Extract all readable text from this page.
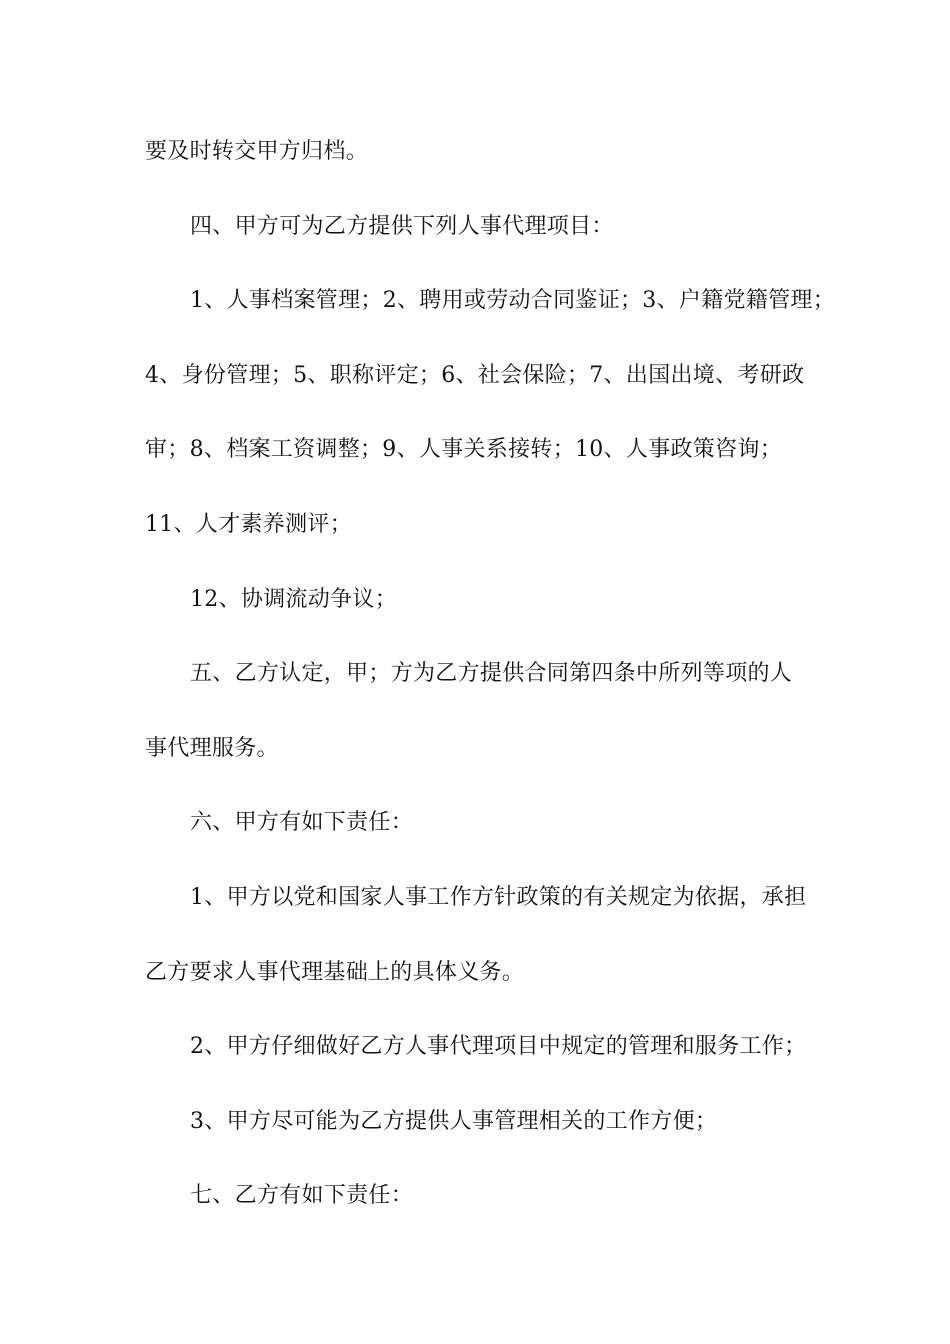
要及时转交甲方归档。
四、甲方可为乙方提供下列人事代理项目：
1、人事档案管理；2、聘用或劳动合同鉴证；3、户籍党籍管理；
4、身份管理；5、职称评定；6、社会保险；7、出国出境、考研政
审；8、档案工资调整；9、人事关系接转；10、人事政策咨询；
11、人才素养测评；
12、协调流动争议；
五、乙方认定，甲；方为乙方提供合同第四条中所列等项的人
事代理服务。
六、甲方有如下责任：
1、甲方以党和国家人事工作方针政策的有关规定为依据，承担
乙方要求人事代理基础上的具体义务。
2、甲方仔细做好乙方人事代理项目中规定的管理和服务工作；
3、甲方尽可能为乙方提供人事管理相关的工作方便；
七、乙方有如下责任：
